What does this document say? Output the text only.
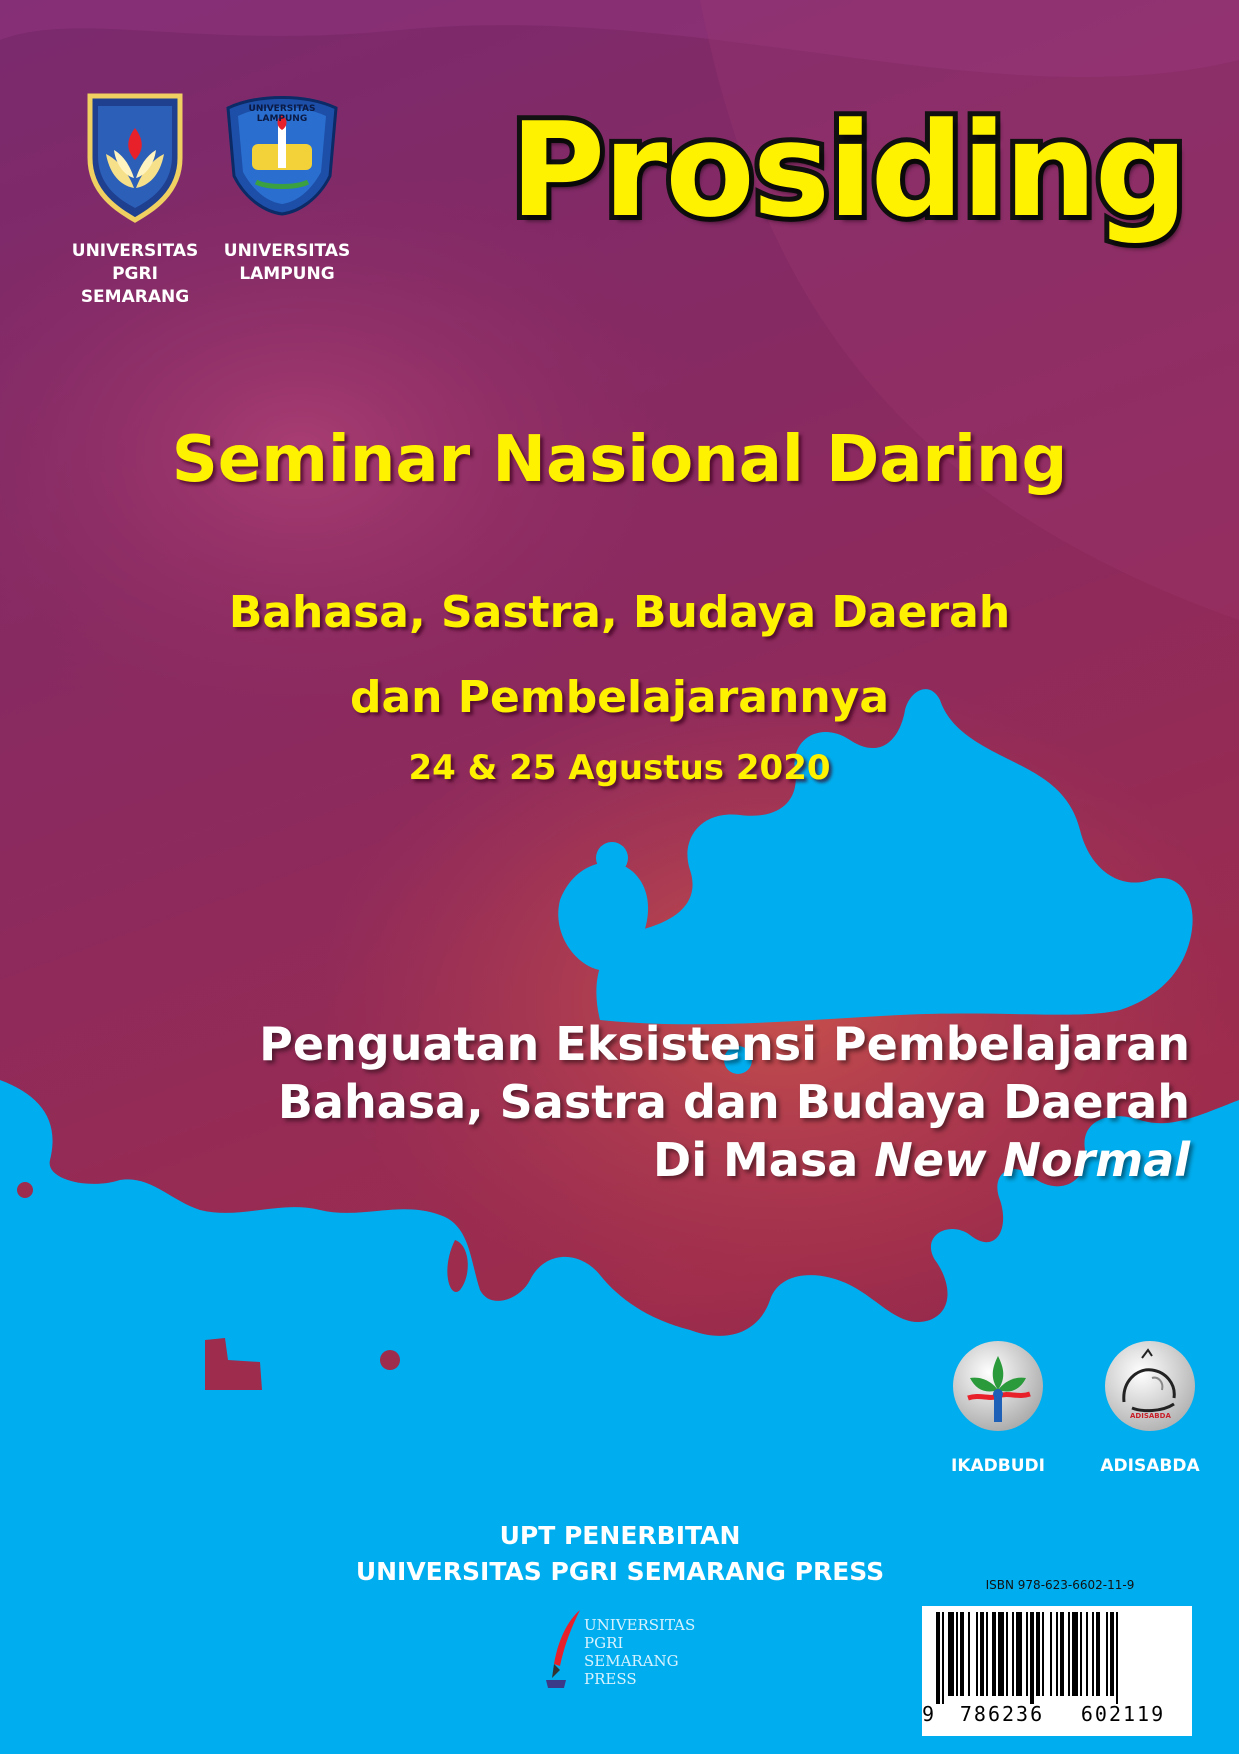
UNIVERSITAS LAMPUNG
UNIVERSITAS
PGRI SEMARANG
UNIVERSITAS
LAMPUNG
Prosiding
Seminar Nasional Daring
Bahasa, Sastra, Budaya Daerah
dan Pembelajarannya
24 & 25 Agustus 2020
Penguatan Eksistensi Pembelajaran
Bahasa, Sastra dan Budaya Daerah
Di Masa New Normal
ADISABDA
IKADBUDI	ADISABDA
UPT PENERBITAN
UNIVERSITAS PGRI SEMARANG PRESS
UNIVERSITAS PGRI
SEMARANG
PRESS
ISBN 978-623-6602-11-9
9	786236	602119
